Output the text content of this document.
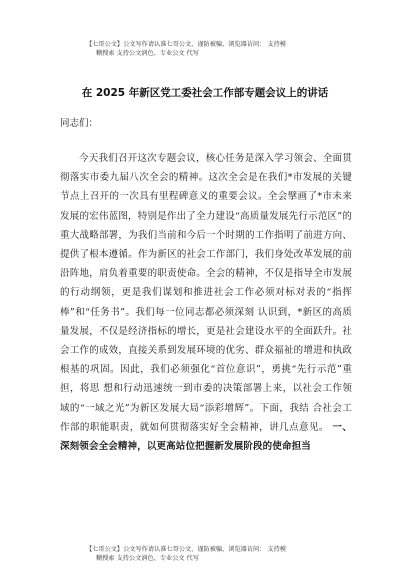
【七哥公文】公文写作请认准七哥公文、谨防被骗，浏览器访问： 支持模
糊搜索 支持公文润色、专业公文 代写
在 2025 年新区党工委社会工作部专题会议上的讲话
同志们：
今天我们召开这次专题会议，核心任务是深入学习领会、全面贯彻落实市委九届八次全会的精神。这次全会是在我们*市发展的关键节点上召开的一次具有里程碑意义的重要会议。全会擘画了*市未来发展的宏伟蓝图，特别是作出了全力建设“高质量发展先行示范区”的重大战略部署，为我们当前和今后一个时期的工作指明了前进方向、提供了根本遵循。作为新区的社会工作部门，我们身处改革发展的前沿阵地，肩负着重要的职责使命。全会的精神，不仅是指导全市发展的行动纲领，更是我们谋划和推进社会工作必须对标对表的“指挥棒”和“任务书”。我们每一位同志都必须深刻 认识到，*新区的高质量发展，不仅是经济指标的增长，更是社会建设水平的全面跃升。社会工作的成效，直接关系到发展环境的优劣、群众福祉的增进和执政根基的巩固。因此，我们必须强化“首位意识”，勇挑“先行示范”重担，将思 想和行动迅速统一到市委的决策部署上来，以社会工作领域的“一域之光”为新区发展大局“添彩增辉”。下面，我结 合社会工作部的职能职责，就如何贯彻落实好全会精神，讲几点意见。 一、深刻领会全会精神，以更高站位把握新发展阶段的使命担当
【七哥公文】公文写作请认准七哥公文、谨防被骗，浏览器访问： 支持模
糊搜索 支持公文润色、专业公文 代写
